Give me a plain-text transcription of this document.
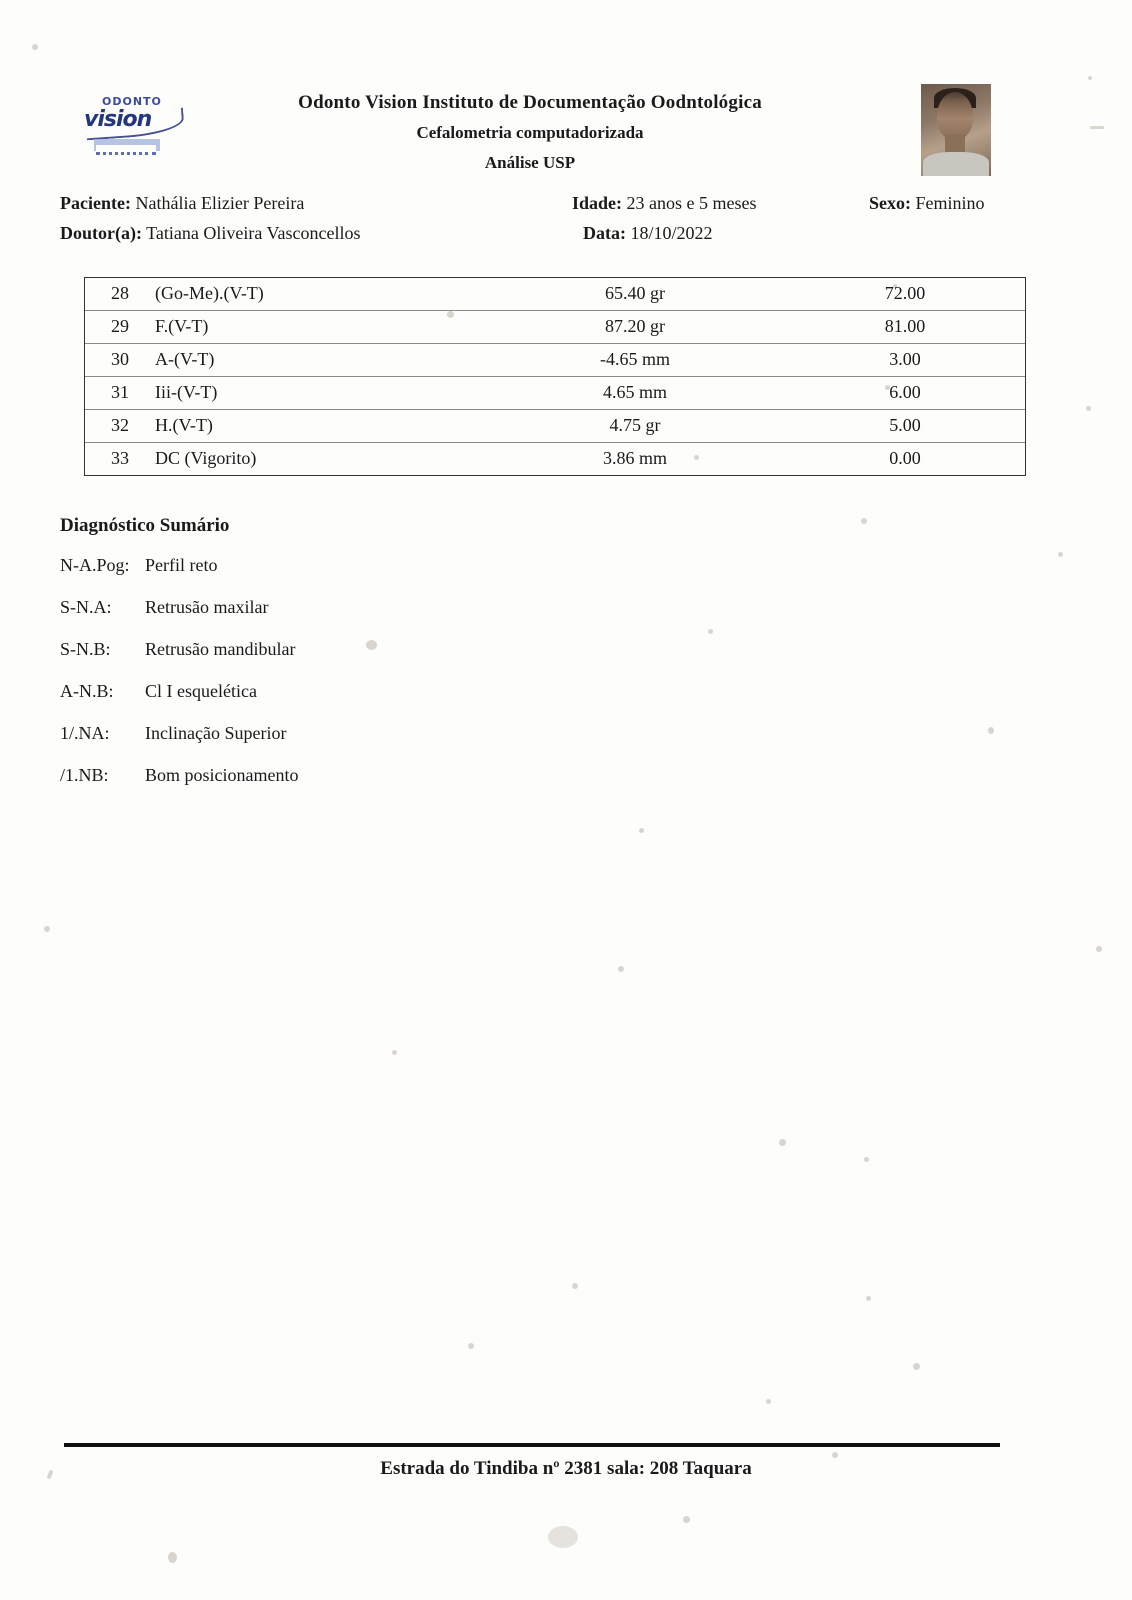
ODONTO
vision
Odonto Vision Instituto de Documentação Oodntológica
Cefalometria computadorizada
Análise USP
Paciente: Nathália Elizier Pereira	Idade: 23 anos e 5 meses	Sexo: Feminino
Doutor(a): Tatiana Oliveira Vasconcellos	Data: 18/10/2022
28	(Go-Me).(V-T)	65.40 gr	72.00
29	F.(V-T)	87.20 gr	81.00
30	A-(V-T)	-4.65 mm	3.00
31	Iii-(V-T)	4.65 mm	6.00
32	H.(V-T)	4.75 gr	5.00
33	DC (Vigorito)	3.86 mm	0.00
Diagnóstico Sumário
N-A.Pog: Perfil reto
S-N.A: Retrusão maxilar
S-N.B: Retrusão mandibular
A-N.B: Cl I esquelética
1/.NA: Inclinação Superior
/1.NB: Bom posicionamento
Estrada do Tindiba nº 2381 sala: 208 Taquara
